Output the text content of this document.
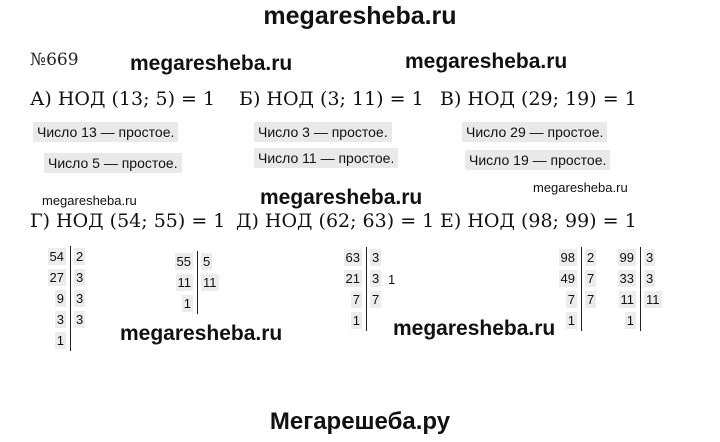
megaresheba.ru
Мегарешеба.ру
megaresheba.ru	megaresheba.ru
megaresheba.ru
megaresheba.ru	megaresheba.ru
megaresheba.ru
megaresheba.ru
№669
А) НОД (13; 5) = 1 Б) НОД (3; 11) = 1 В) НОД (29; 19) = 1
Число 13 — простое.
Число 5 — простое.
Число 3 — простое.
Число 11 — простое.
Число 29 — простое.
Число 19 — простое.
Г) НОД (54; 55) = 1 Д) НОД (62; 63) = 1 Е) НОД (98; 99) = 1
54 2
27 3
9 3
3 3
1
55 5
11 11
1
63 3
21 3 1
7 7
1
98 2
49 7
7 7
1
99 3
33 3
11 11
1
